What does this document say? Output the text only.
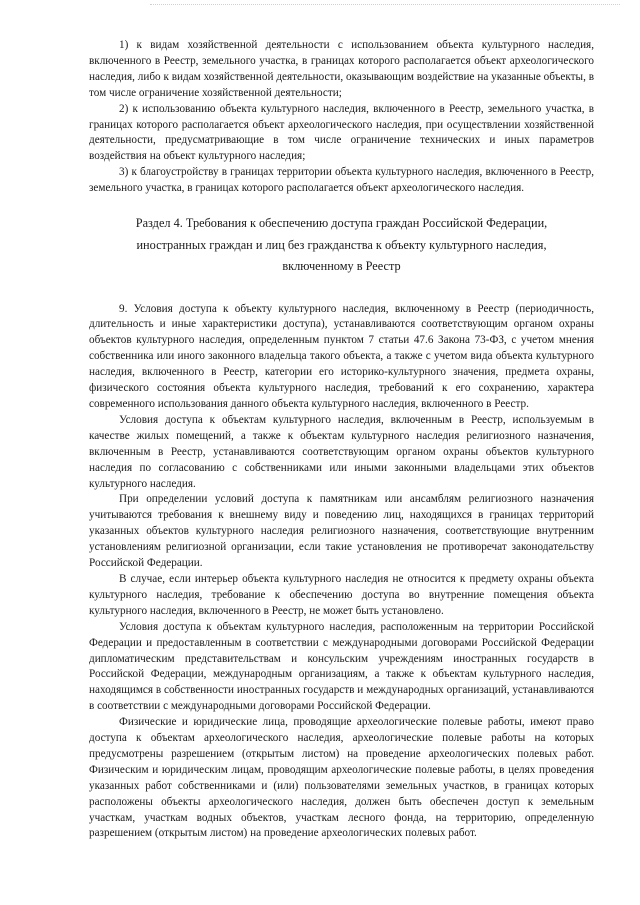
1) к видам хозяйственной деятельности с использованием объекта культурного наследия, включенного в Реестр, земельного участка, в границах которого располагается объект археологического наследия, либо к видам хозяйственной деятельности, оказывающим воздействие на указанные объекты, в том числе ограничение хозяйственной деятельности;

2) к использованию объекта культурного наследия, включенного в Реестр, земельного участка, в границах которого располагается объект археологического наследия, при осуществлении хозяйственной деятельности, предусматривающие в том числе ограничение технических и иных параметров воздействия на объект культурного наследия;

3) к благоустройству в границах территории объекта культурного наследия, включенного в Реестр, земельного участка, в границах которого располагается объект археологического наследия.

Раздел 4. Требования к обеспечению доступа граждан Российской Федерации,
иностранных граждан и лиц без гражданства к объекту культурного наследия,
включенному в Реестр

9. Условия доступа к объекту культурного наследия, включенному в Реестр (периодичность, длительность и иные характеристики доступа), устанавливаются соответствующим органом охраны объектов культурного наследия, определенным пунктом 7 статьи 47.6 Закона 73-ФЗ, с учетом мнения собственника или иного законного владельца такого объекта, а также с учетом вида объекта культурного наследия, включенного в Реестр, категории его историко-культурного значения, предмета охраны, физического состояния объекта культурного наследия, требований к его сохранению, характера современного использования данного объекта культурного наследия, включенного в Реестр.

Условия доступа к объектам культурного наследия, включенным в Реестр, используемым в качестве жилых помещений, а также к объектам культурного наследия религиозного назначения, включенным в Реестр, устанавливаются соответствующим органом охраны объектов культурного наследия по согласованию с собственниками или иными законными владельцами этих объектов культурного наследия.

При определении условий доступа к памятникам или ансамблям религиозного назначения учитываются требования к внешнему виду и поведению лиц, находящихся в границах территорий указанных объектов культурного наследия религиозного назначения, соответствующие внутренним установлениям религиозной организации, если такие установления не противоречат законодательству Российской Федерации.

В случае, если интерьер объекта культурного наследия не относится к предмету охраны объекта культурного наследия, требование к обеспечению доступа во внутренние помещения объекта культурного наследия, включенного в Реестр, не может быть установлено.

Условия доступа к объектам культурного наследия, расположенным на территории Российской Федерации и предоставленным в соответствии с международными договорами Российской Федерации дипломатическим представительствам и консульским учреждениям иностранных государств в Российской Федерации, международным организациям, а также к объектам культурного наследия, находящимся в собственности иностранных государств и международных организаций, устанавливаются в соответствии с международными договорами Российской Федерации.

Физические и юридические лица, проводящие археологические полевые работы, имеют право доступа к объектам археологического наследия, археологические полевые работы на которых предусмотрены разрешением (открытым листом) на проведение археологических полевых работ. Физическим и юридическим лицам, проводящим археологические полевые работы, в целях проведения указанных работ собственниками и (или) пользователями земельных участков, в границах которых расположены объекты археологического наследия, должен быть обеспечен доступ к земельным участкам, участкам водных объектов, участкам лесного фонда, на территорию, определенную разрешением (открытым листом) на проведение археологических полевых работ.
